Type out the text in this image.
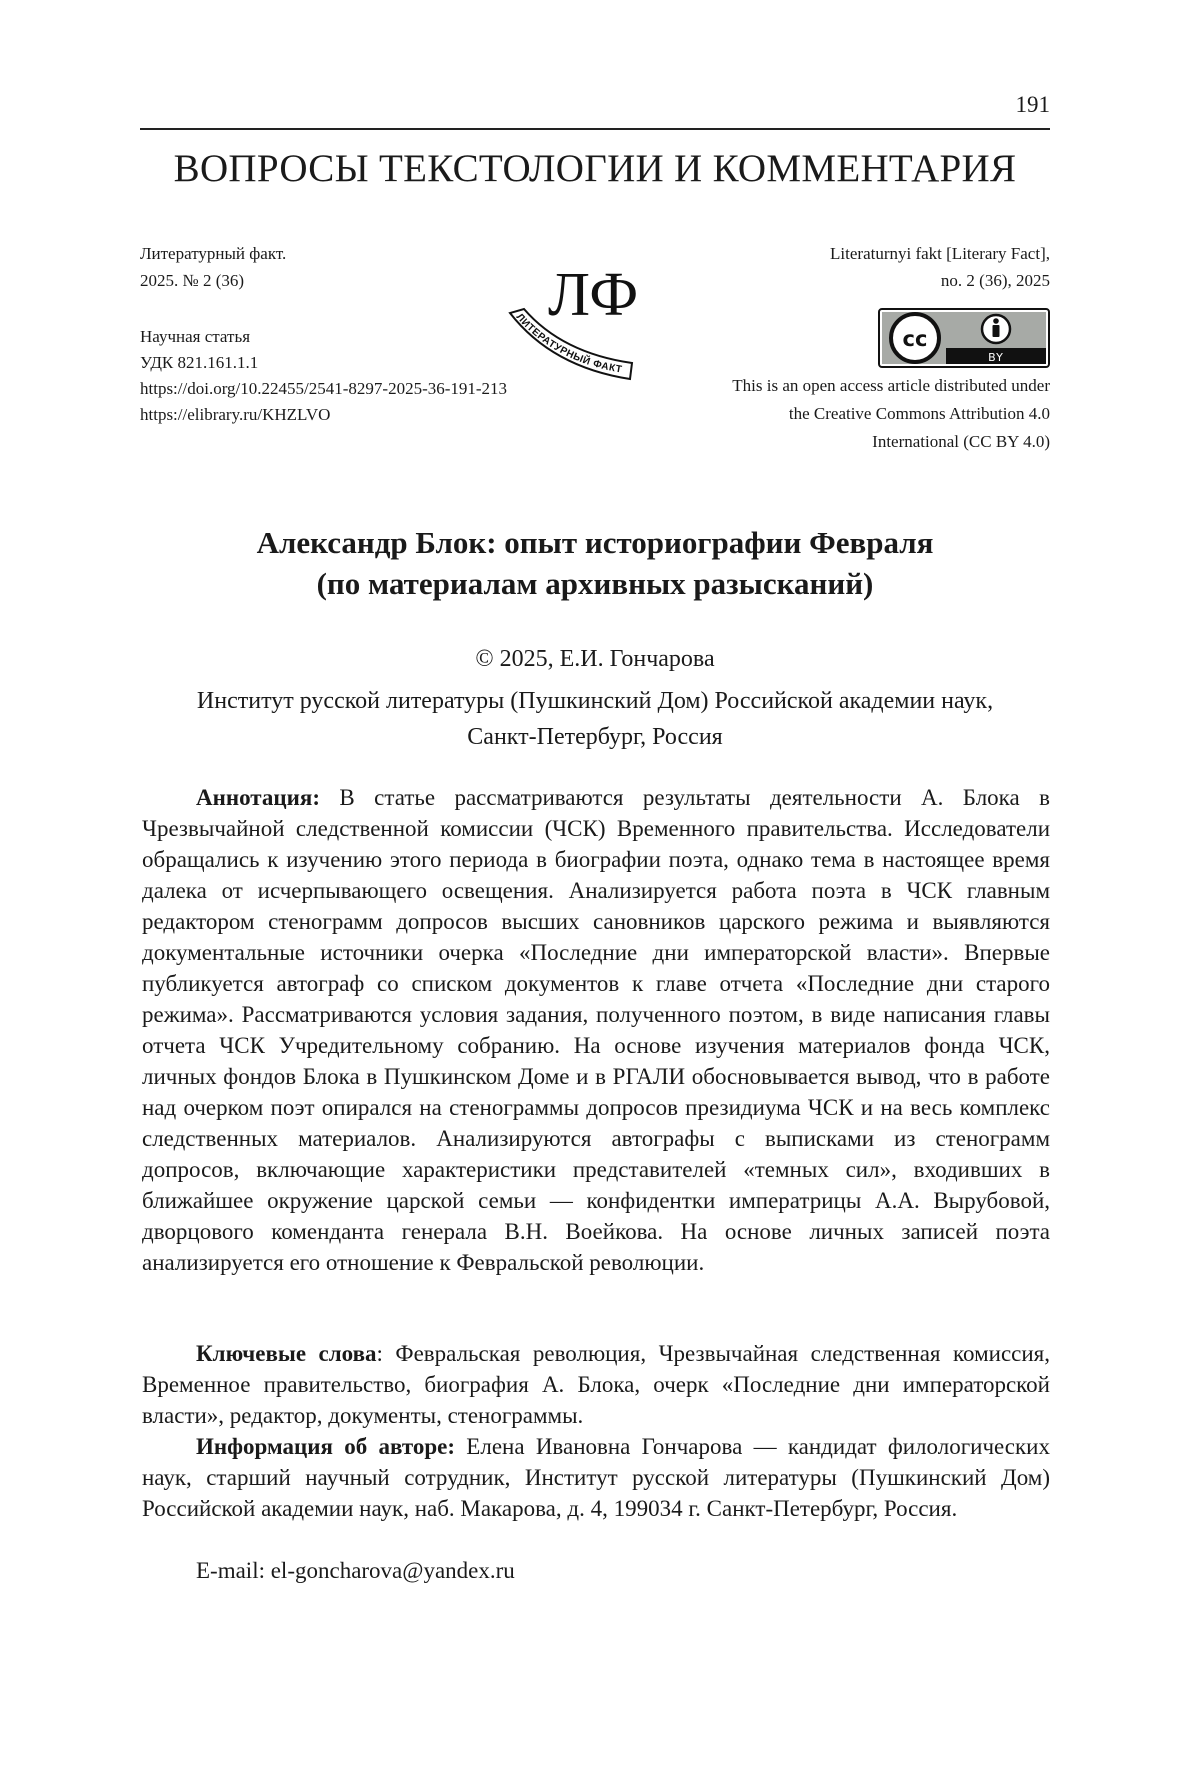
191
ВОПРОСЫ ТЕКСТОЛОГИИ И КОММЕНТАРИЯ
Литературный факт.
2025. № 2 (36)
Научная статья
УДК 821.161.1.1
https://doi.org/10.22455/2541-8297-2025-36-191-213
https://elibrary.ru/KHZLVO
Literaturnyi fakt [Literary Fact],
no. 2 (36), 2025
This is an open access article distributed under
the Creative Commons Attribution 4.0
International (CC BY 4.0)
ЛФ
ЛИТЕРАТУРНЫЙ ФАКТ
cc
BY
Александр Блок: опыт историографии Февраля
(по материалам архивных разысканий)
© 2025, Е.И. Гончарова
Институт русской литературы (Пушкинский Дом) Российской академии наук,
Санкт-Петербург, Россия

Аннотация: В статье рассматриваются результаты деятельности А. Блока в Чрезвычайной следственной комиссии (ЧСК) Временного правительства. Исследователи обращались к изучению этого периода в биографии поэта, однако тема в настоящее время далека от исчерпывающего освещения. Анализируется работа поэта в ЧСК главным редактором стенограмм допросов высших сановников царского режима и выявляются документальные источники очерка «Последние дни императорской власти». Впервые публикуется автограф со списком документов к главе отчета «Последние дни старого режима». Рассматриваются условия задания, полученного поэтом, в виде написания главы отчета ЧСК Учредительному собранию. На основе изучения материалов фонда ЧСК, личных фондов Блока в Пушкинском Доме и в РГАЛИ обосновывается вывод, что в работе над очерком поэт опирался на стенограммы допросов президиума ЧСК и на весь комплекс следственных материалов. Анализируются автографы с выписками из стенограмм допросов, включающие характеристики представителей «темных сил», входивших в ближайшее окружение царской семьи — конфидентки императрицы А.А. Вырубовой, дворцового коменданта генерала В.Н. Воейкова. На основе личных записей поэта анализируется его отношение к Февральской революции.

Ключевые слова: Февральская революция, Чрезвычайная следственная комиссия, Временное правительство, биография А. Блока, очерк «Последние дни императорской власти», редактор, документы, стенограммы.

Информация об авторе: Елена Ивановна Гончарова — кандидат филологических наук, старший научный сотрудник, Институт русской литературы (Пушкинский Дом) Российской академии наук, наб. Макарова, д. 4, 199034 г. Санкт-Петербург, Россия.

E-mail: el-goncharova@yandex.ru
